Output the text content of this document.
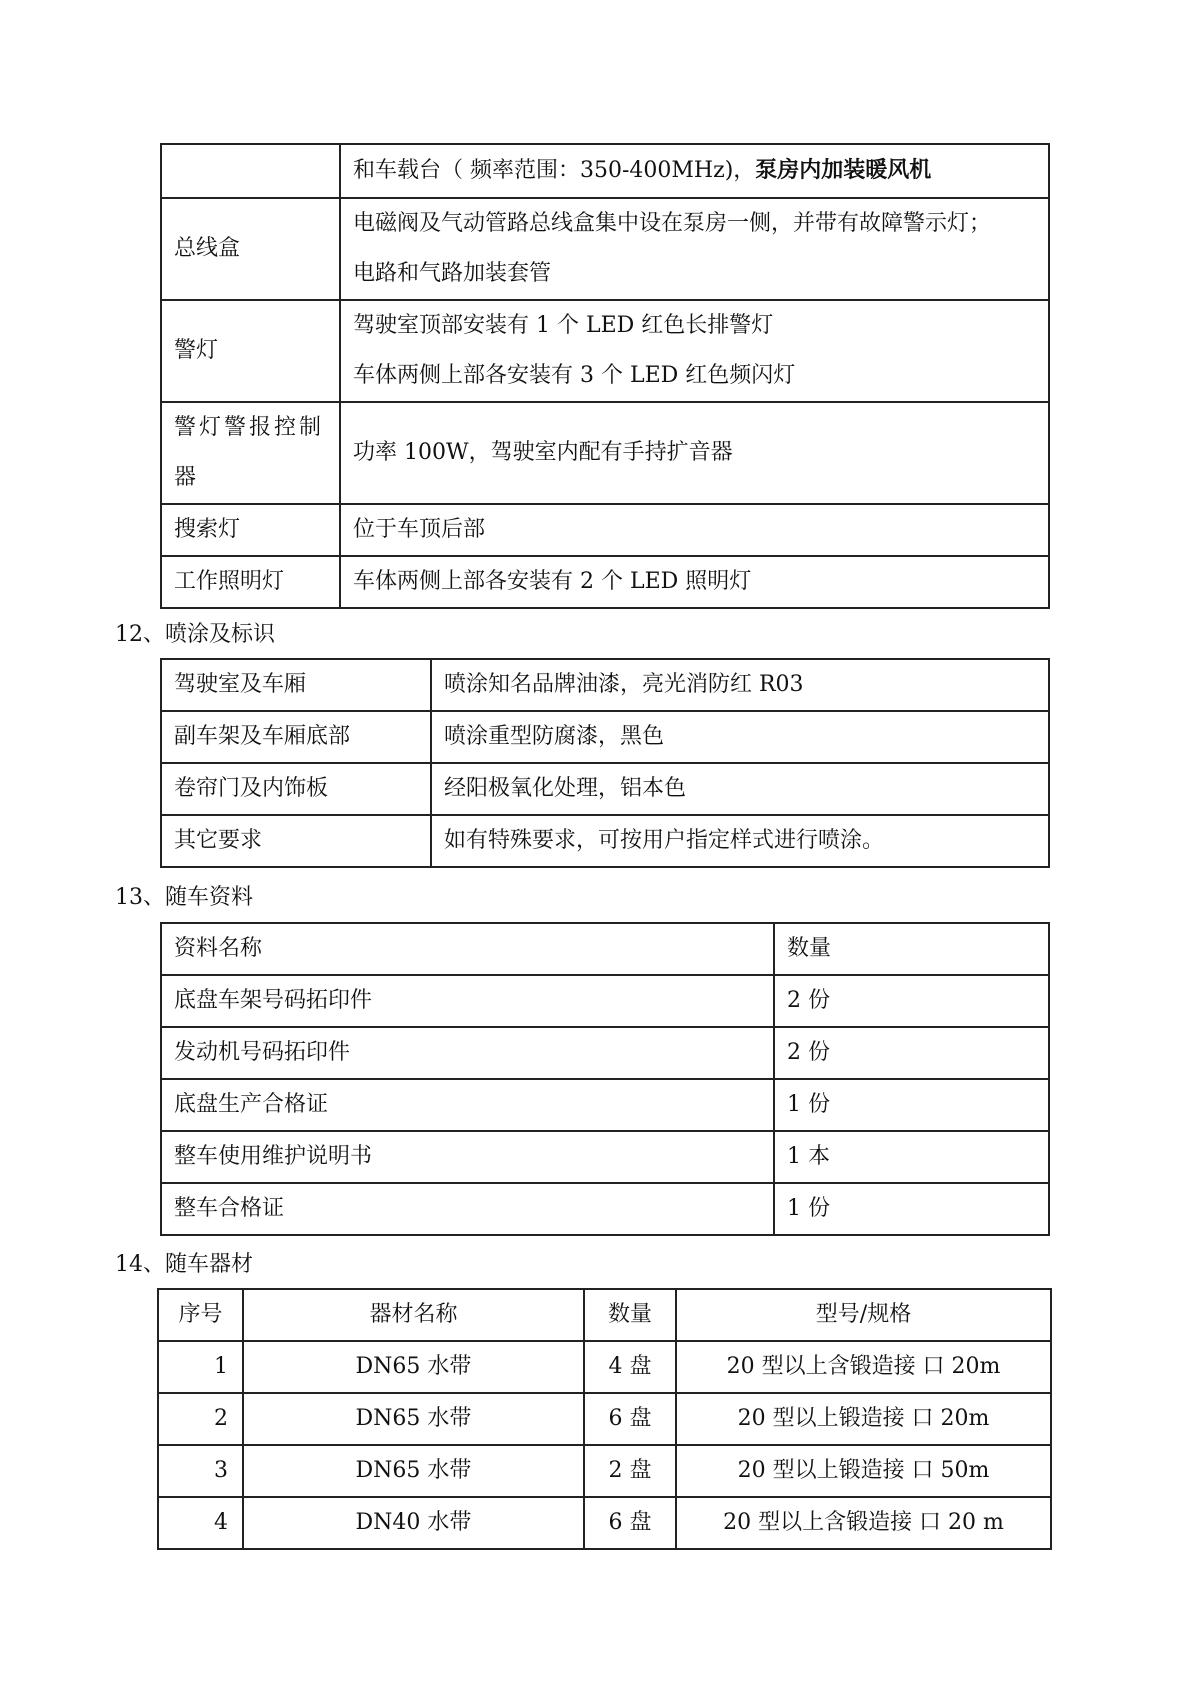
	和车载台（ 频率范围：350-400MHz)，泵房内加装暖风机
总线盒	电磁阀及气动管路总线盒集中设在泵房一侧，并带有故障警示灯；
电路和气路加装套管

警灯	驾驶室顶部安装有 1 个 LED 红色长排警灯
车体两侧上部各安装有 3 个 LED 红色频闪灯

警灯警报控制
器	功率 100W，驾驶室内配有手持扩音器
搜索灯	位于车顶后部
工作照明灯	车体两侧上部各安装有 2 个 LED 照明灯
12、喷涂及标识
驾驶室及车厢	喷涂知名品牌油漆，亮光消防红 R03
副车架及车厢底部	喷涂重型防腐漆，黑色
卷帘门及内饰板	经阳极氧化处理，铝本色
其它要求	如有特殊要求，可按用户指定样式进行喷涂。
13、随车资料
资料名称	数量
底盘车架号码拓印件	2 份
发动机号码拓印件	2 份
底盘生产合格证	1 份
整车使用维护说明书	1 本
整车合格证	1 份
14、随车器材
序号	器材名称	数量	型号/规格
1	DN65 水带	4 盘	20 型以上含锻造接 口 20m
2	DN65 水带	6 盘	20 型以上锻造接 口 20m
3	DN65 水带	2 盘	20 型以上锻造接 口 50m
4	DN40 水带	6 盘	20 型以上含锻造接 口 20 m
